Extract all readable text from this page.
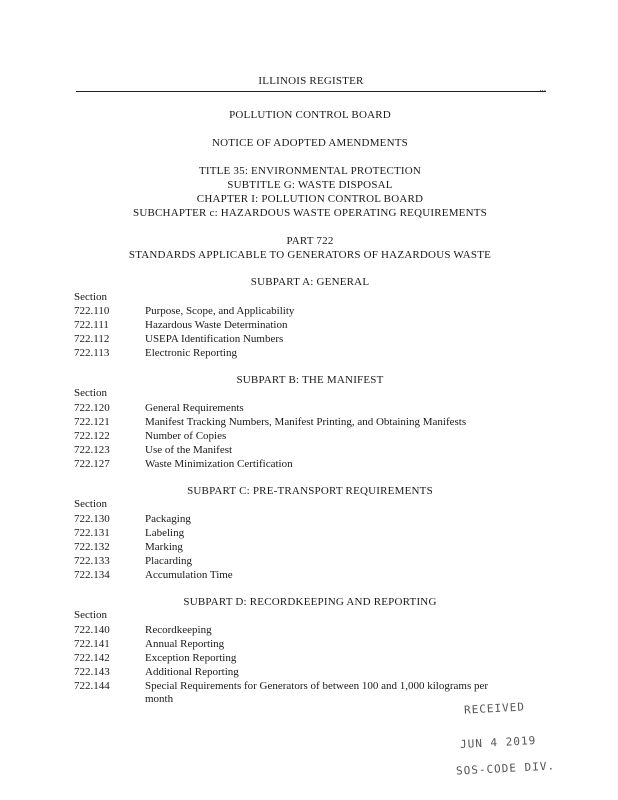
ILLINOIS REGISTER
...
POLLUTION CONTROL BOARD
NOTICE OF ADOPTED AMENDMENTS
TITLE 35: ENVIRONMENTAL PROTECTION
SUBTITLE G: WASTE DISPOSAL
CHAPTER I: POLLUTION CONTROL BOARD
SUBCHAPTER c: HAZARDOUS WASTE OPERATING REQUIREMENTS
PART 722
STANDARDS APPLICABLE TO GENERATORS OF HAZARDOUS WASTE
SUBPART A: GENERAL
Section
722.110	Purpose, Scope, and Applicability
722.111	Hazardous Waste Determination
722.112	USEPA Identification Numbers
722.113	Electronic Reporting
SUBPART B: THE MANIFEST
Section
722.120	General Requirements
722.121	Manifest Tracking Numbers, Manifest Printing, and Obtaining Manifests
722.122	Number of Copies
722.123	Use of the Manifest
722.127	Waste Minimization Certification
SUBPART C: PRE-TRANSPORT REQUIREMENTS
Section
722.130	Packaging
722.131	Labeling
722.132	Marking
722.133	Placarding
722.134	Accumulation Time
SUBPART D: RECORDKEEPING AND REPORTING
Section
722.140	Recordkeeping
722.141	Annual Reporting
722.142	Exception Reporting
722.143	Additional Reporting
722.144	Special Requirements for Generators of between 100 and 1,000 kilograms per
month
RECEIVED
JUN 4 2019
SOS-CODE DIV.
